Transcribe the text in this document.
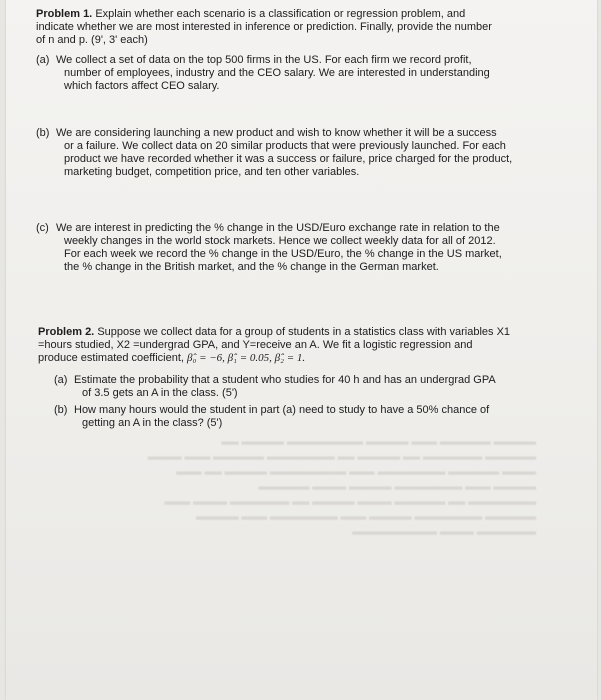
Problem 1. Explain whether each scenario is a classification or regression problem, and
indicate whether we are most interested in inference or prediction. Finally, provide the number
of n and p. (9', 3' each)
(a) We collect a set of data on the top 500 firms in the US. For each firm we record profit,
number of employees, industry and the CEO salary. We are interested in understanding
which factors affect CEO salary.
(b) We are considering launching a new product and wish to know whether it will be a success
or a failure. We collect data on 20 similar products that were previously launched. For each
product we have recorded whether it was a success or failure, price charged for the product,
marketing budget, competition price, and ten other variables.
(c) We are interest in predicting the % change in the USD/Euro exchange rate in relation to the
weekly changes in the world stock markets. Hence we collect weekly data for all of 2012.
For each week we record the % change in the USD/Euro, the % change in the US market,
the % change in the British market, and the % change in the German market.
Problem 2. Suppose we collect data for a group of students in a statistics class with variables X1
=hours studied, X2 =undergrad GPA, and Y=receive an A. We fit a logistic regression and
produce estimated coefficient, β̂₀ = −6, β̂₁ = 0.05, β̂₂ = 1.
(a) Estimate the probability that a student who studies for 40 h and has an undergrad GPA
of 3.5 gets an A in the class. (5')
(b) How many hours would the student in part (a) need to study to have a 50% chance of
getting an A in the class? (5')
▂▂▂▂▂ ▂▂▂▂▂▂ ▂▂▂ ▂▂▂▂▂ ▂▂▂▂▂▂▂▂▂ ▂▂▂▂▂ ▂▂
▂▂▂▂▂▂ ▂▂▂▂▂▂▂ ▂▂ ▂▂▂▂▂ ▂▂ ▂▂▂▂▂▂▂▂ ▂▂▂▂▂▂ ▂▂▂ ▂▂▂▂
▂▂▂▂ ▂▂▂▂▂▂ ▂▂▂▂▂▂▂▂ ▂▂▂ ▂▂▂▂▂▂▂▂▂ ▂▂▂▂▂ ▂▂ ▂▂▂
▂▂▂▂▂ ▂▂▂ ▂▂▂▂▂▂▂▂ ▂▂▂▂▂ ▂▂▂▂ ▂▂▂▂▂▂
▂▂▂▂▂▂▂▂ ▂▂ ▂▂▂▂▂▂ ▂▂▂▂ ▂▂▂▂▂ ▂▂ ▂▂▂▂▂▂▂ ▂▂▂▂ ▂▂▂
▂▂▂▂▂▂ ▂▂▂▂▂▂▂▂ ▂▂▂▂▂ ▂▂▂ ▂▂▂▂▂▂▂▂ ▂▂▂ ▂▂▂▂▂
▂▂▂▂▂▂▂ ▂▂▂▂ ▂▂▂▂▂▂▂▂▂▂
